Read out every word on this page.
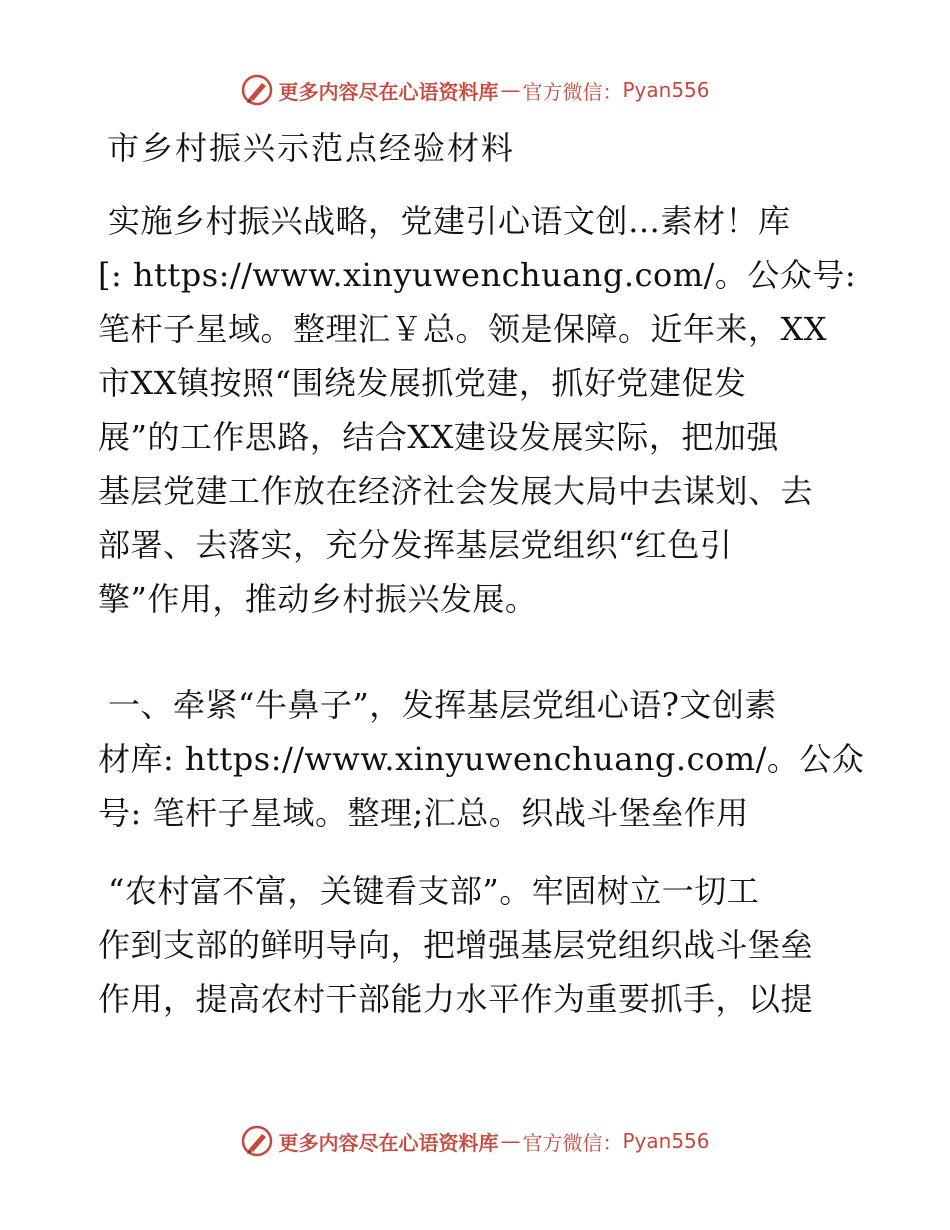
更多内容尽在心语资料库 — 官方微信： Pyan556
市乡村振兴示范点经验材料
实施乡村振兴战略，党建引心语文创…素材！库
[: https://www.xinyuwenchuang.com/。公众号:
笔杆子星域。整理汇￥总。领是保障。近年来，XX
市XX镇按照“围绕发展抓党建，抓好党建促发
展”的工作思路，结合XX建设发展实际，把加强
基层党建工作放在经济社会发展大局中去谋划、去
部署、去落实，充分发挥基层党组织“红色引
擎”作用，推动乡村振兴发展。
一、牵紧“牛鼻子”，发挥基层党组心语?文创素
材库: https://www.xinyuwenchuang.com/。公众
号: 笔杆子星域。整理;汇总。织战斗堡垒作用
“农村富不富，关键看支部”。牢固树立一切工
作到支部的鲜明导向，把增强基层党组织战斗堡垒
作用，提高农村干部能力水平作为重要抓手，以提
更多内容尽在心语资料库 — 官方微信： Pyan556
